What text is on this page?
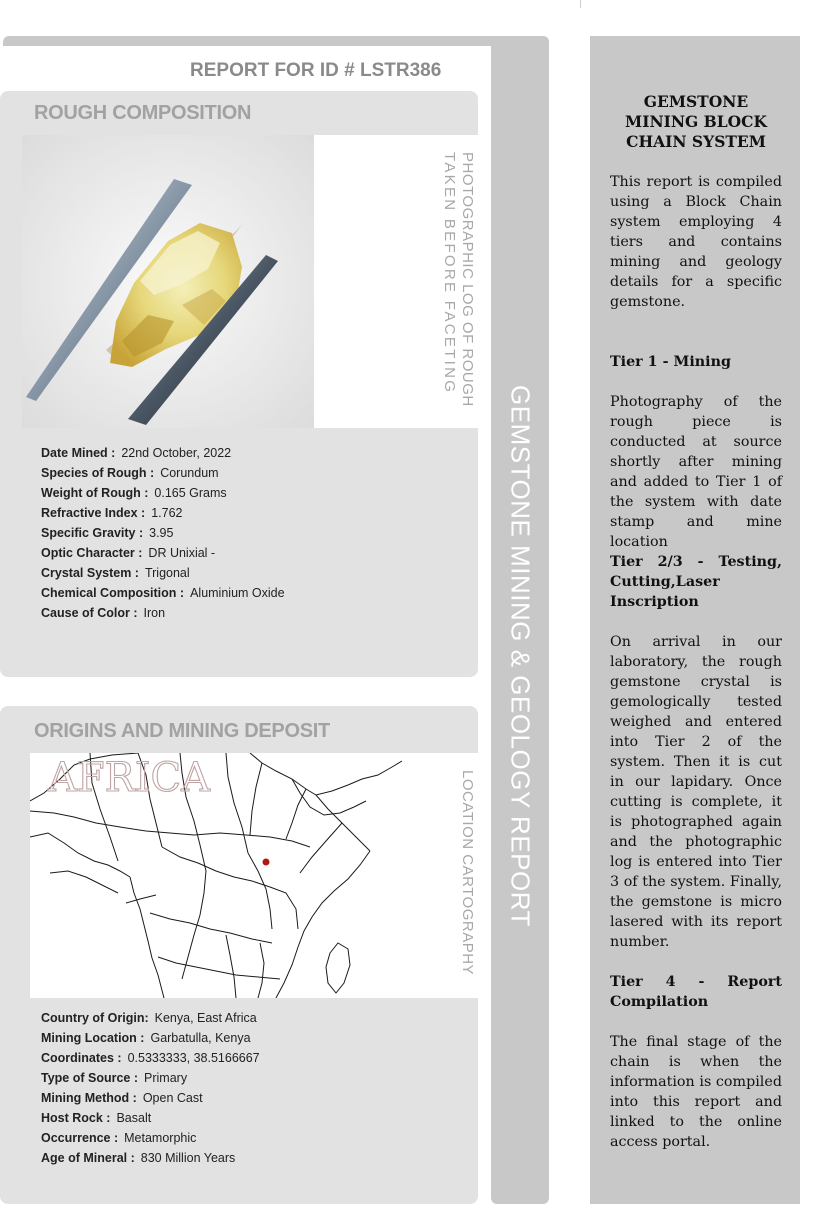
GEMSTONE MINING & GEOLOGY REPORT
REPORT FOR ID # LSTR386
ROUGH COMPOSITION
PHOTOGRAPHIC LOG OF ROUGH
TAKEN BEFORE FACETING
Date Mined : 22nd October, 2022
Species of Rough : Corundum
Weight of Rough : 0.165 Grams
Refractive Index : 1.762
Specific Gravity : 3.95
Optic Character : DR Unixial -
Crystal System : Trigonal
Chemical Composition : Aluminium Oxide
Cause of Color : Iron
ORIGINS AND MINING DEPOSIT
AFRICA	LOCATION CARTOGRAPHY
Country of Origin: Kenya, East Africa
Mining Location : Garbatulla, Kenya
Coordinates : 0.5333333, 38.5166667
Type of Source : Primary
Mining Method : Open Cast
Host Rock : Basalt
Occurrence : Metamorphic
Age of Mineral : 830 Million Years
GEMSTONE
MINING BLOCK
CHAIN SYSTEM
This report is compiled using a Block Chain system employing 4 tiers and contains mining and geology details for a specific gemstone.
Tier 1 - Mining
Photography of the rough piece is conducted at source shortly after mining and added to Tier 1 of the system with date stamp and mine location
Tier 2/3 - Testing, Cutting,Laser Inscription
On arrival in our laboratory, the rough gemstone crystal is gemologically tested weighed and entered into Tier 2 of the system. Then it is cut in our lapidary. Once cutting is complete, it is photographed again and the photographic log is entered into Tier 3 of the system. Finally, the gemstone is micro lasered with its report number.
Tier 4 - Report Compilation
The final stage of the chain is when the information is compiled into this report and linked to the online access portal.
